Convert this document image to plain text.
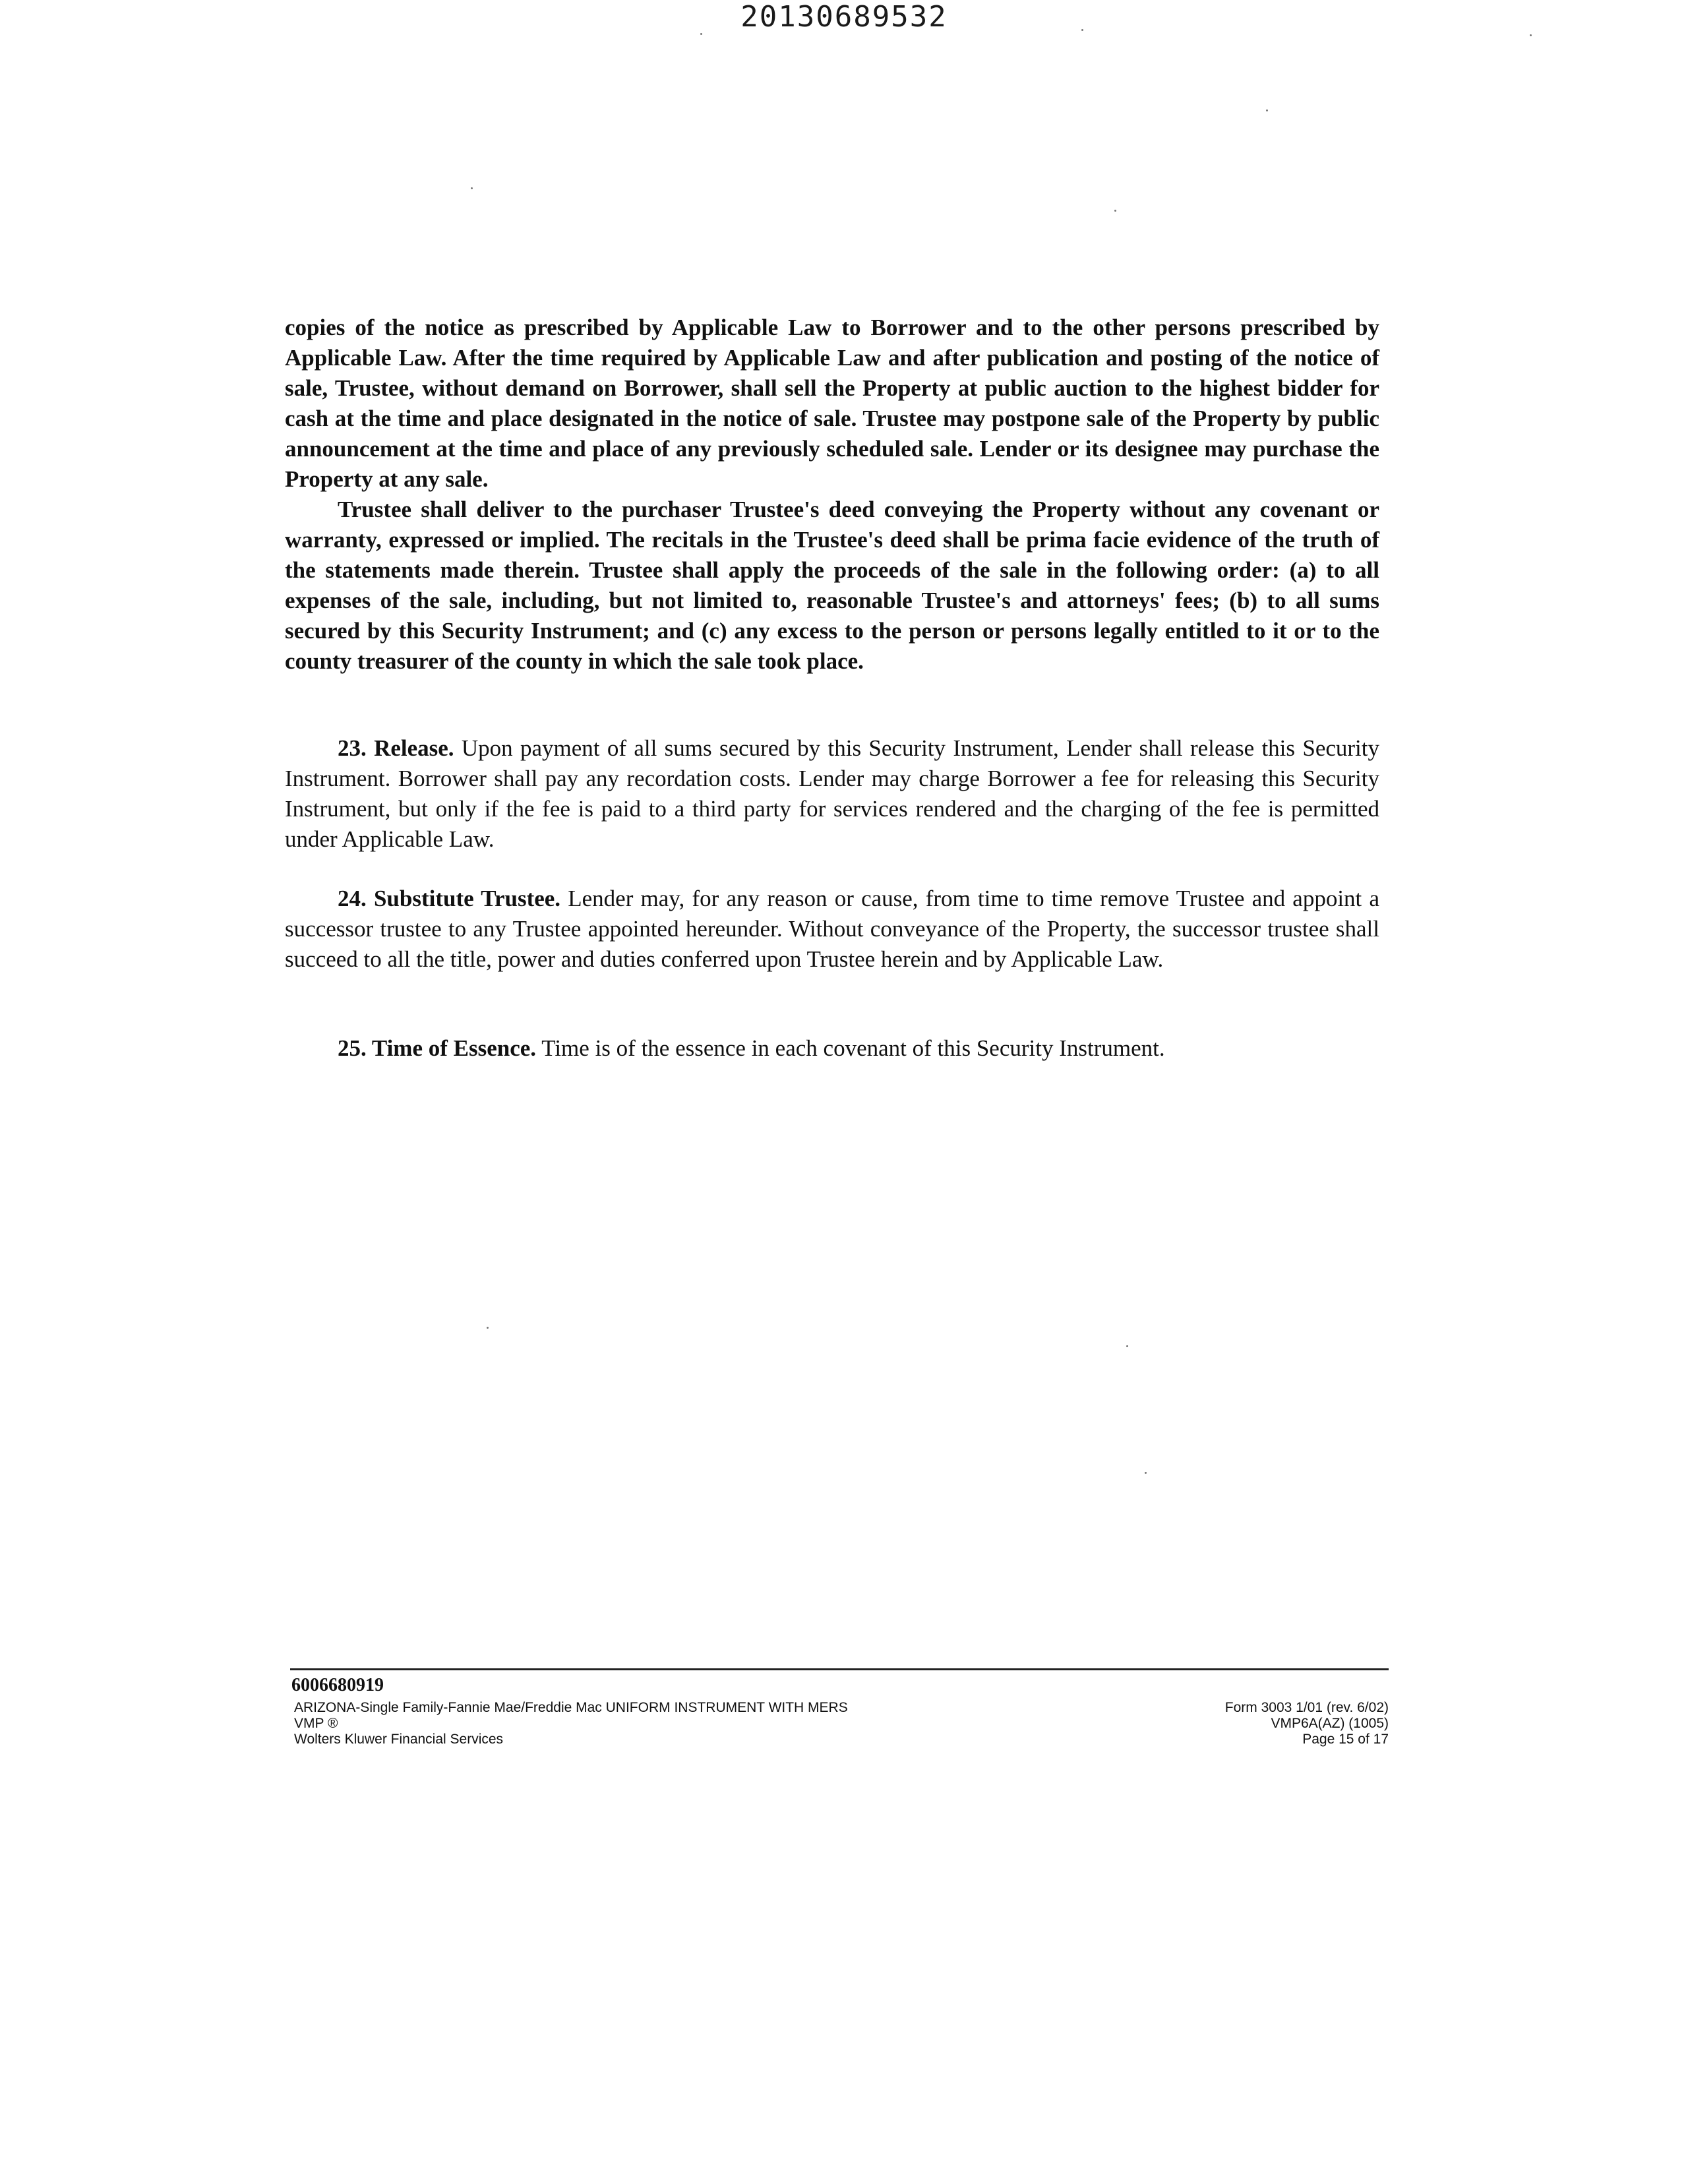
20130689532

copies of the notice as prescribed by Applicable Law to Borrower and to the other persons prescribed by Applicable Law. After the time required by Applicable Law and after publication and posting of the notice of sale, Trustee, without demand on Borrower, shall sell the Property at public auction to the highest bidder for cash at the time and place designated in the notice of sale. Trustee may postpone sale of the Property by public announcement at the time and place of any previously scheduled sale. Lender or its designee may purchase the Property at any sale.

Trustee shall deliver to the purchaser Trustee's deed conveying the Property without any covenant or warranty, expressed or implied. The recitals in the Trustee's deed shall be prima facie evidence of the truth of the statements made therein. Trustee shall apply the proceeds of the sale in the following order: (a) to all expenses of the sale, including, but not limited to, reasonable Trustee's and attorneys' fees; (b) to all sums secured by this Security Instrument; and (c) any excess to the person or persons legally entitled to it or to the county treasurer of the county in which the sale took place.

23. Release. Upon payment of all sums secured by this Security Instrument, Lender shall release this Security Instrument. Borrower shall pay any recordation costs. Lender may charge Borrower a fee for releasing this Security Instrument, but only if the fee is paid to a third party for services rendered and the charging of the fee is permitted under Applicable Law.

24. Substitute Trustee. Lender may, for any reason or cause, from time to time remove Trustee and appoint a successor trustee to any Trustee appointed hereunder. Without conveyance of the Property, the successor trustee shall succeed to all the title, power and duties conferred upon Trustee herein and by Applicable Law.

25. Time of Essence. Time is of the essence in each covenant of this Security Instrument.

6006680919
ARIZONA-Single Family-Fannie Mae/Freddie Mac UNIFORM INSTRUMENT WITH MERS
VMP ®
Wolters Kluwer Financial Services
Form 3003 1/01 (rev. 6/02)
VMP6A(AZ) (1005)
Page 15 of 17
